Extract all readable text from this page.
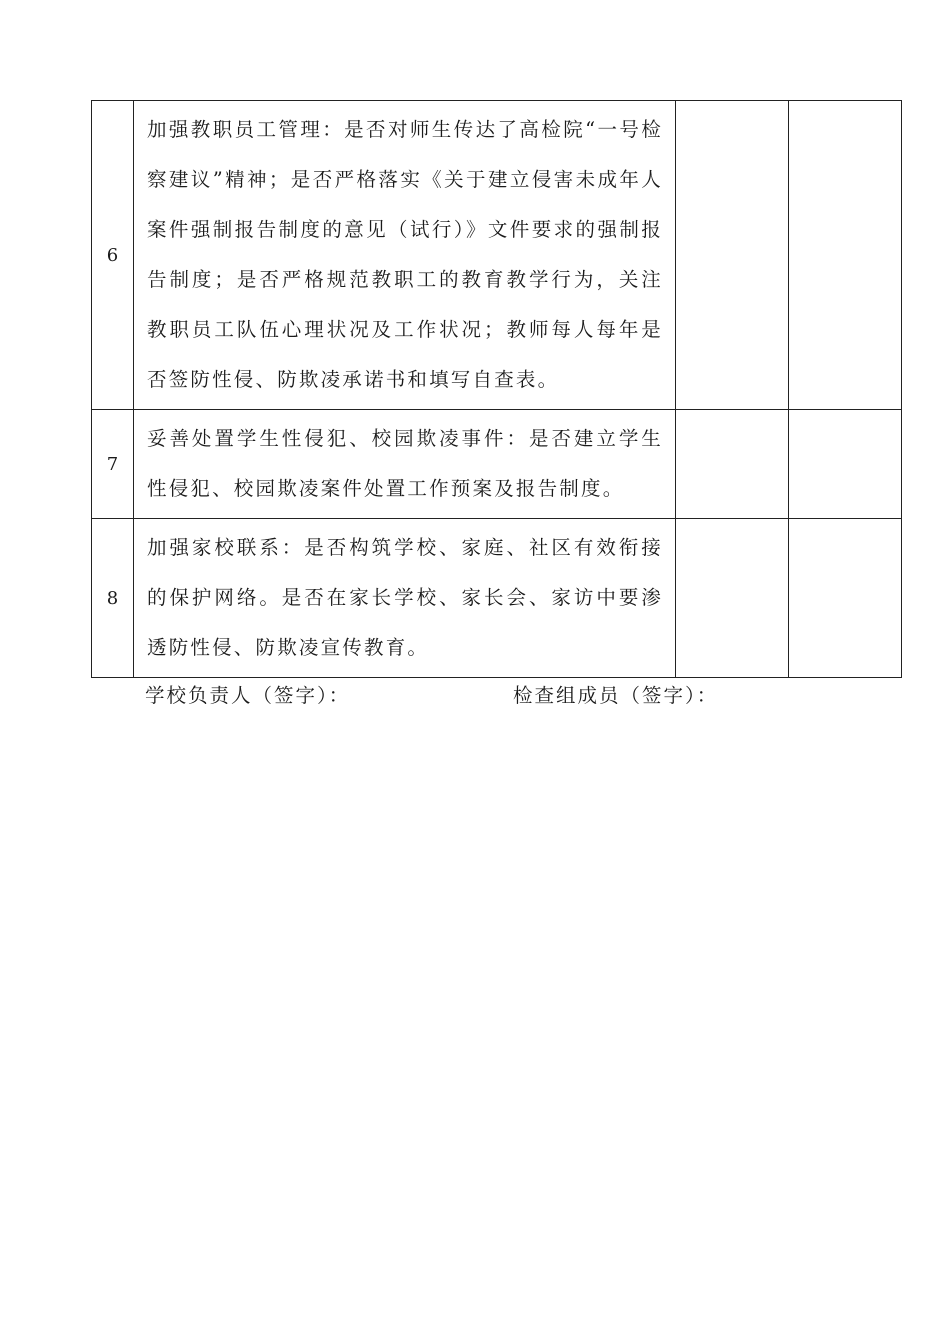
6	加强教职员工管理：是否对师生传达了高检院“一号检察建议”精神；是否严格落实《关于建立侵害未成年人案件强制报告制度的意见（试行）》文件要求的强制报告制度；是否严格规范教职工的教育教学行为，关注教职员工队伍心理状况及工作状况；教师每人每年是否签防性侵、防欺凌承诺书和填写自查表。		
7	妥善处置学生性侵犯、校园欺凌事件：是否建立学生性侵犯、校园欺凌案件处置工作预案及报告制度。		
8	加强家校联系：是否构筑学校、家庭、社区有效衔接的保护网络。是否在家长学校、家长会、家访中要渗透防性侵、防欺凌宣传教育。		
学校负责人（签字）：	检查组成员（签字）：
